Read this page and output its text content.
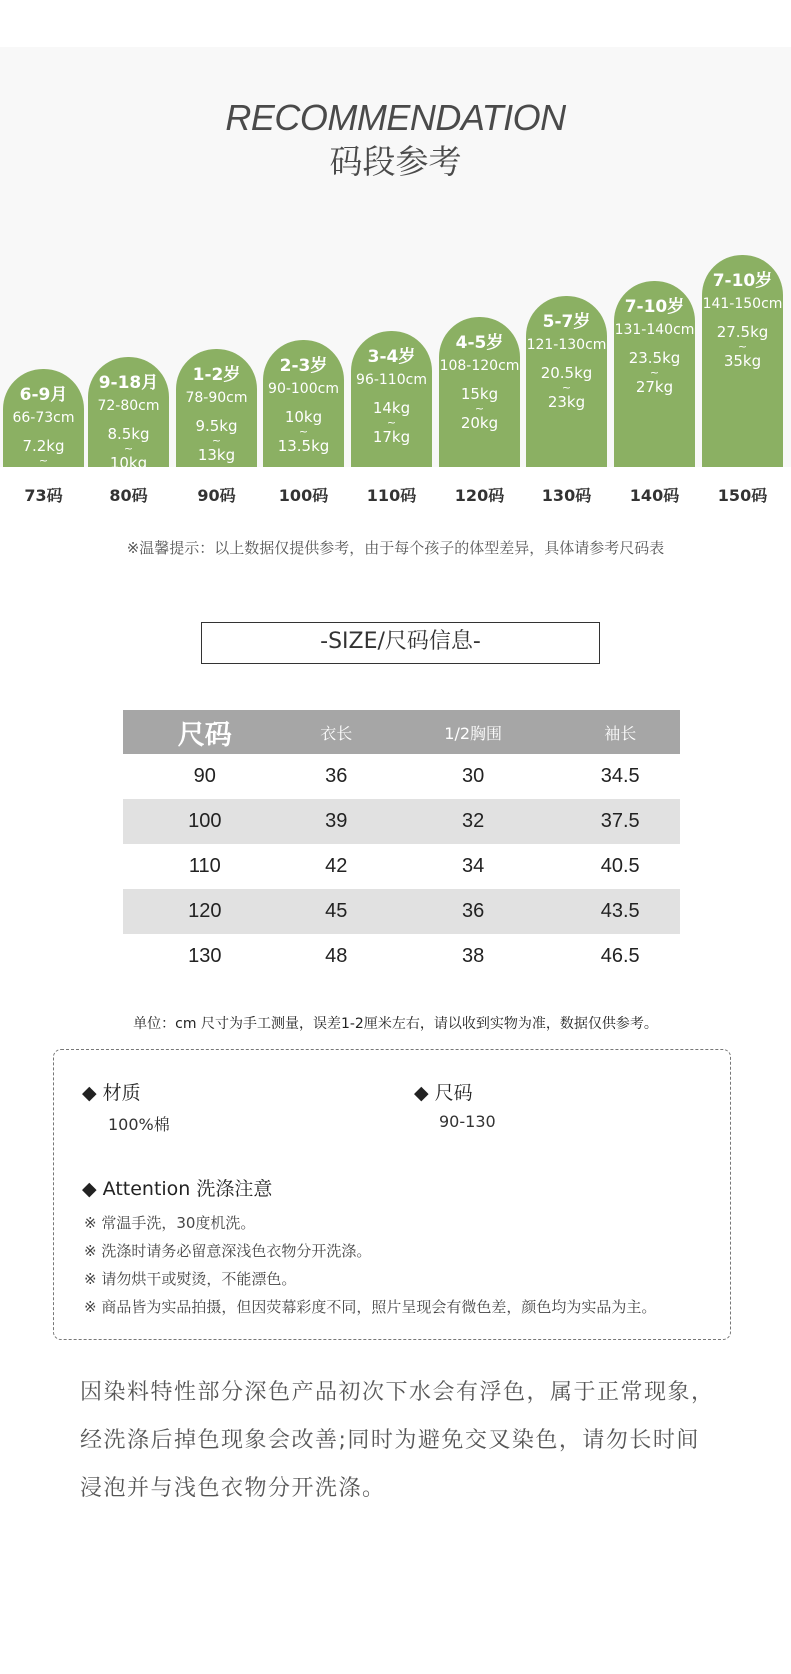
RECOMMENDATION
码段参考
6-9月
66-73cm
7.2kg
~
9kg
73码
9-18月
72-80cm
8.5kg
~
10kg
80码
1-2岁
78-90cm
9.5kg
~
13kg
90码
2-3岁
90-100cm
10kg
~
13.5kg
100码
3-4岁
96-110cm
14kg
~
17kg
110码
4-5岁
108-120cm
15kg
~
20kg
120码
5-7岁
121-130cm
20.5kg
~
23kg
130码
7-10岁
131-140cm
23.5kg
~
27kg
140码
7-10岁
141-150cm
27.5kg
~
35kg
150码
※温馨提示：以上数据仅提供参考，由于每个孩子的体型差异，具体请参考尺码表
-SIZE/尺码信息-
尺码	衣长	1/2胸围	袖长
90	36	30	34.5
100	39	32	37.5
110	42	34	40.5
120	45	36	43.5
130	48	38	46.5
单位：cm 尺寸为手工测量，误差1-2厘米左右，请以收到实物为准，数据仅供参考。
◆ 材质
100%棉
◆ 尺码
90-130
◆ Attention 洗涤注意
※ 常温手洗，30度机洗。
※ 洗涤时请务必留意深浅色衣物分开洗涤。
※ 请勿烘干或熨烫，不能漂色。
※ 商品皆为实品拍摄，但因荧幕彩度不同，照片呈现会有微色差，颜色均为实品为主。
因染料特性部分深色产品初次下水会有浮色，属于正常现象，
经洗涤后掉色现象会改善;同时为避免交叉染色，请勿长时间
浸泡并与浅色衣物分开洗涤。
